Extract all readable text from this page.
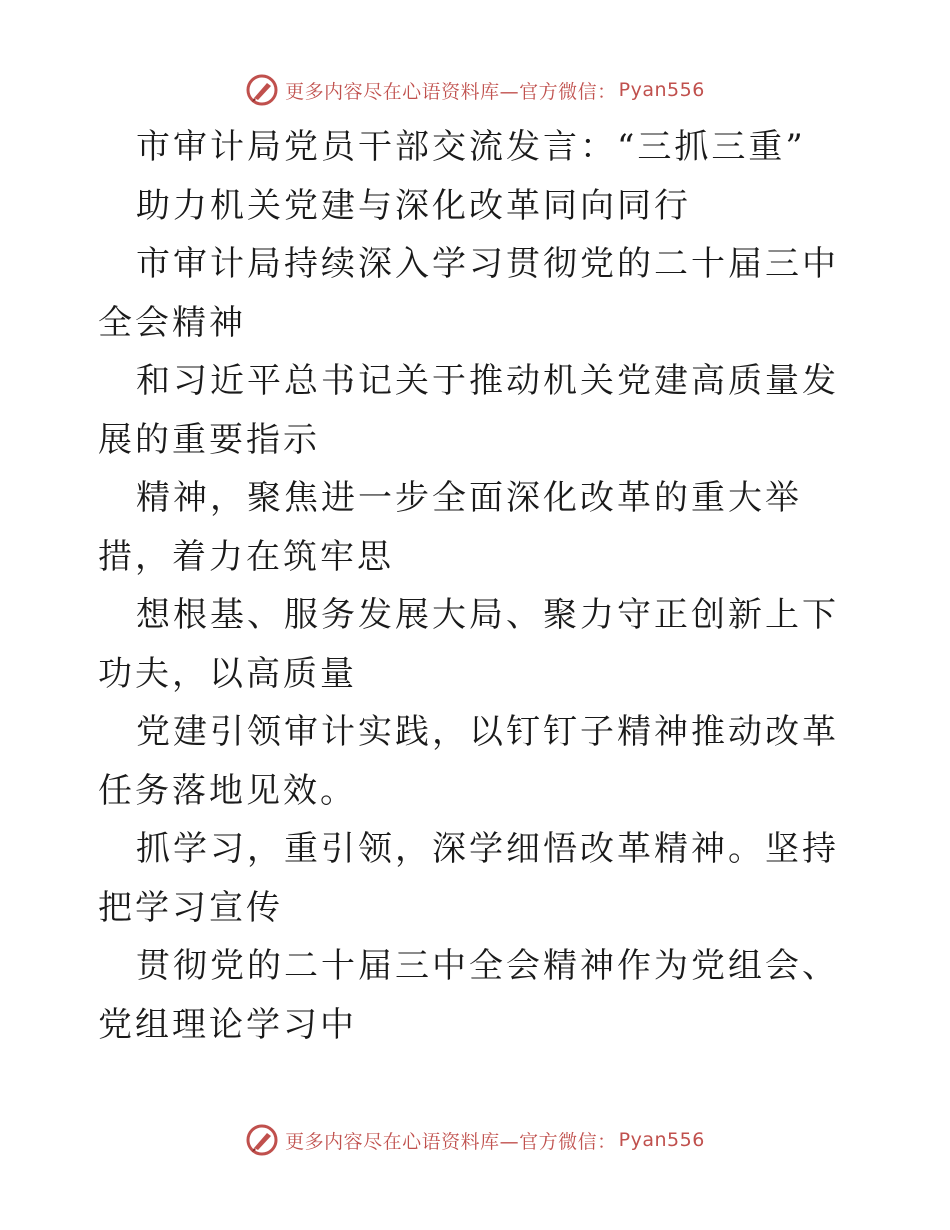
更多内容尽在心语资料库—官方微信： Pyan556

市审计局党员干部交流发言：“三抓三重”

助力机关党建与深化改革同向同行

市审计局持续深入学习贯彻党的二十届三中全会精神

和习近平总书记关于推动机关党建高质量发展的重要指示

精神，聚焦进一步全面深化改革的重大举措，着力在筑牢思

想根基、服务发展大局、聚力守正创新上下功夫，以高质量

党建引领审计实践，以钉钉子精神推动改革任务落地见效。

抓学习，重引领，深学细悟改革精神。坚持把学习宣传

贯彻党的二十届三中全会精神作为党组会、党组理论学习中

更多内容尽在心语资料库—官方微信： Pyan556
